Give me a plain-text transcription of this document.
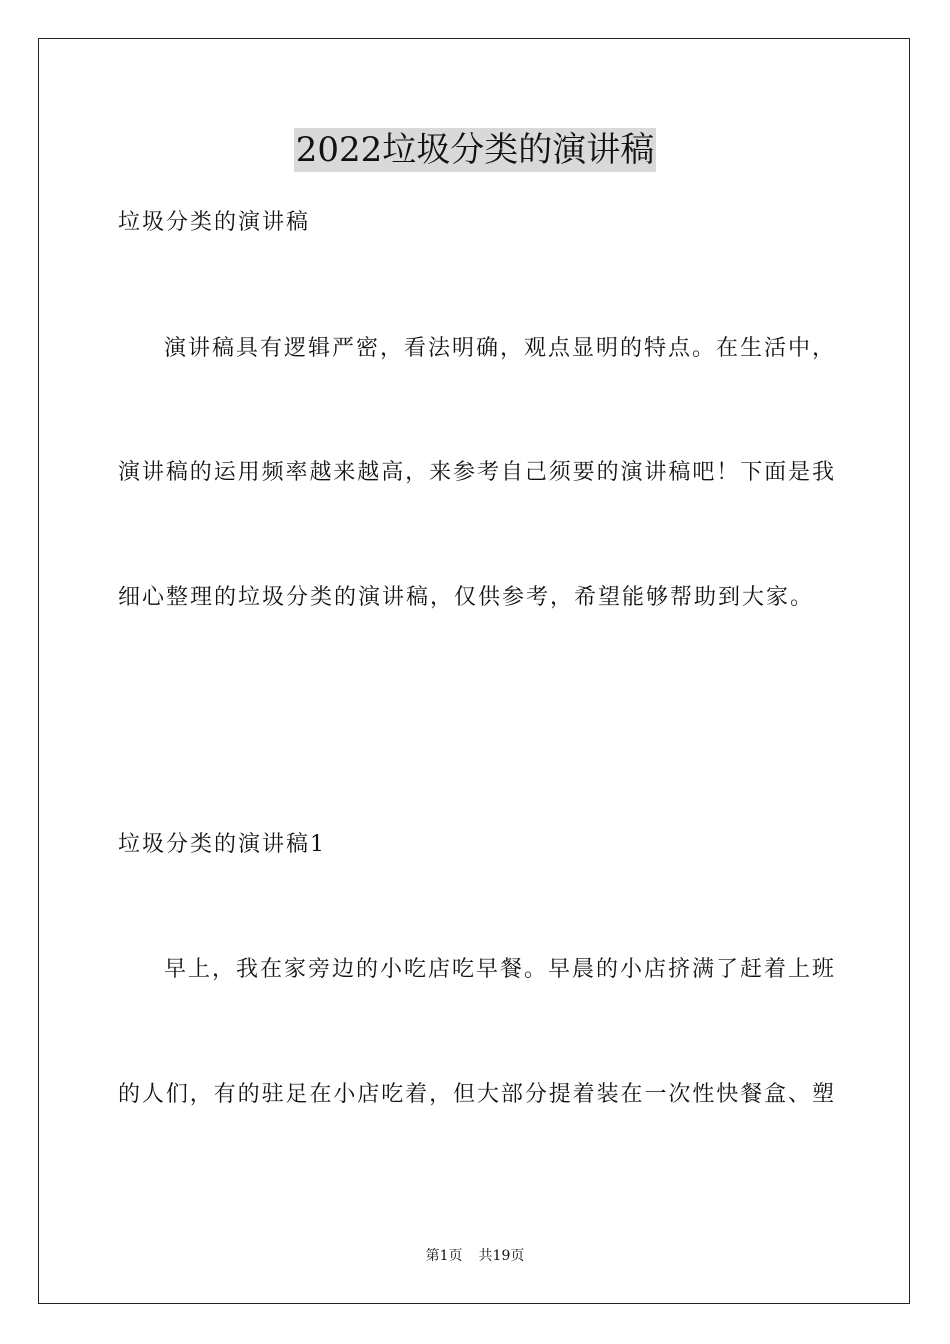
2022垃圾分类的演讲稿
垃圾分类的演讲稿
演讲稿具有逻辑严密，看法明确，观点显明的特点。在生活中，
演讲稿的运用频率越来越高，来参考自己须要的演讲稿吧！下面是我
细心整理的垃圾分类的演讲稿，仅供参考，希望能够帮助到大家。
垃圾分类的演讲稿1
早上，我在家旁边的小吃店吃早餐。早晨的小店挤满了赶着上班
的人们，有的驻足在小店吃着，但大部分提着装在一次性快餐盒、塑
第1页 共19页
